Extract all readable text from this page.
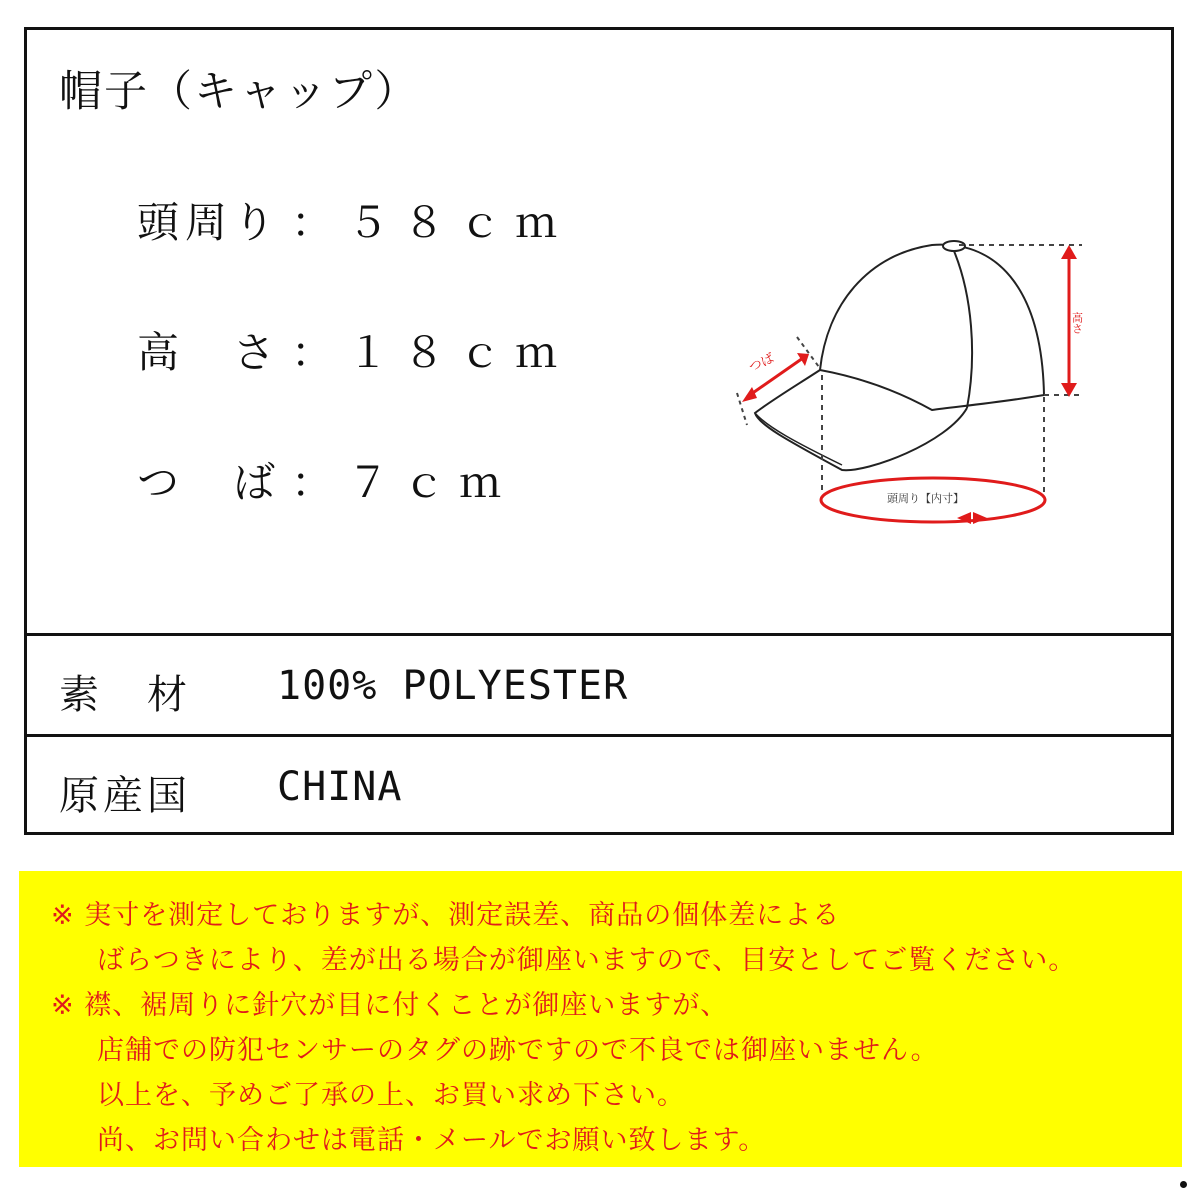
帽子（キャップ）
頭周り ： ５８ｃｍ
高　さ ： １８ｃｍ
つ　ば ： ７ｃｍ
高さ
つば
頭周り【内寸】
素　材 100% POLYESTER
原産国 CHINA
※ 実寸を測定しておりますが、測定誤差、商品の個体差による
ばらつきにより、差が出る場合が御座いますので、目安としてご覧ください。
※ 襟、裾周りに針穴が目に付くことが御座いますが、
店舗での防犯センサーのタグの跡ですので不良では御座いません。
以上を、予めご了承の上、お買い求め下さい。
尚、お問い合わせは電話・メールでお願い致します。
